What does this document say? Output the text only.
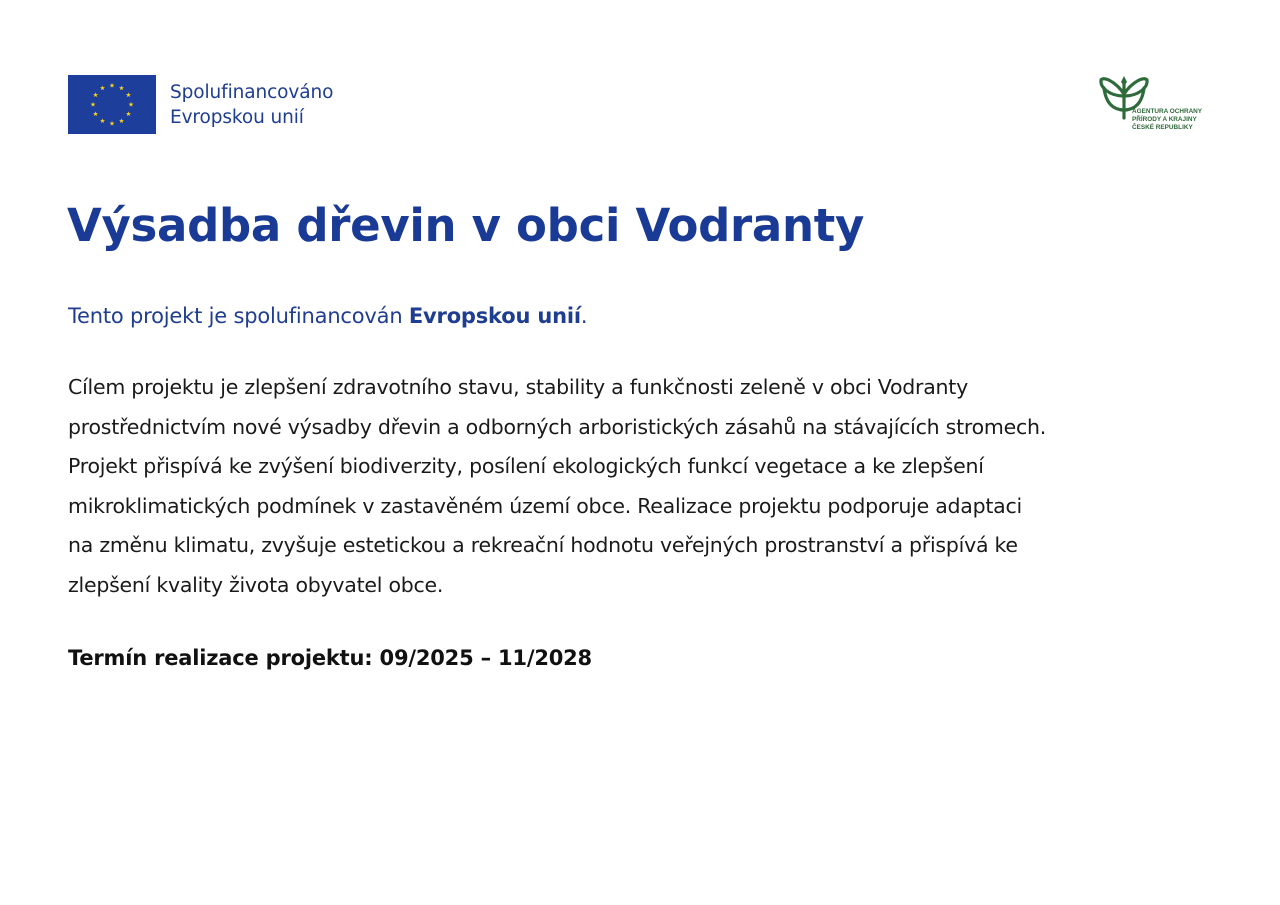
Spolufinancováno
Evropskou unií	AGENTURA OCHRANY
PŘÍRODY A KRAJINY
ČESKÉ REPUBLIKY
Výsadba dřevin v obci Vodranty
Tento projekt je spolufinancován Evropskou unií.
Cílem projektu je zlepšení zdravotního stavu, stability a funkčnosti zeleně v obci Vodranty
prostřednictvím nové výsadby dřevin a odborných arboristických zásahů na stávajících stromech.
Projekt přispívá ke zvýšení biodiverzity, posílení ekologických funkcí vegetace a ke zlepšení
mikroklimatických podmínek v zastavěném území obce. Realizace projektu podporuje adaptaci
na změnu klimatu, zvyšuje estetickou a rekreační hodnotu veřejných prostranství a přispívá ke
zlepšení kvality života obyvatel obce.
Termín realizace projektu: 09/2025 – 11/2028
